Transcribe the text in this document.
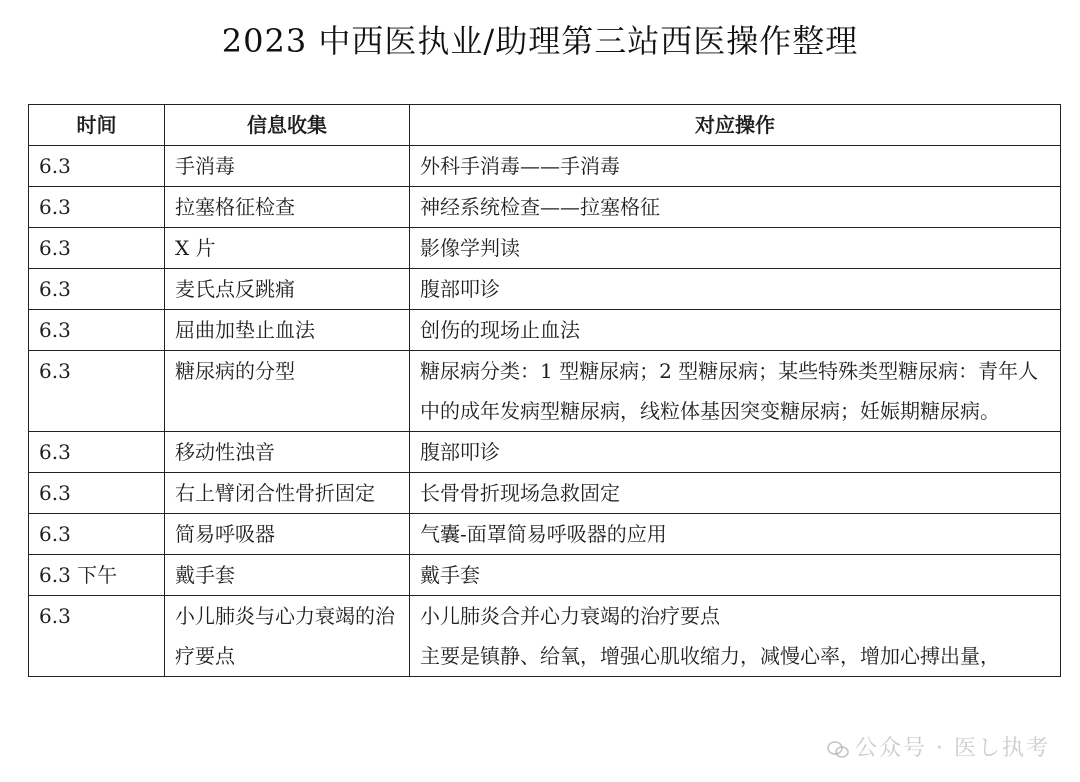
2023 中西医执业/助理第三站西医操作整理
时间	信息收集	对应操作
6.3	手消毒	外科手消毒——手消毒
6.3	拉塞格征检查	神经系统检查——拉塞格征
6.3	X 片	影像学判读
6.3	麦氏点反跳痛	腹部叩诊
6.3	屈曲加垫止血法	创伤的现场止血法
6.3	糖尿病的分型	糖尿病分类：1 型糖尿病；2 型糖尿病；某些特殊类型糖尿病：青年人中的成年发病型糖尿病，线粒体基因突变糖尿病；妊娠期糖尿病。
6.3	移动性浊音	腹部叩诊
6.3	右上臂闭合性骨折固定	长骨骨折现场急救固定
6.3	简易呼吸器	气囊-面罩简易呼吸器的应用
6.3 下午	戴手套	戴手套
6.3	小儿肺炎与心力衰竭的治疗要点	小儿肺炎合并心力衰竭的治疗要点
主要是镇静、给氧，增强心肌收缩力，减慢心率，增加心搏出量，
公众号 · 医し执考
